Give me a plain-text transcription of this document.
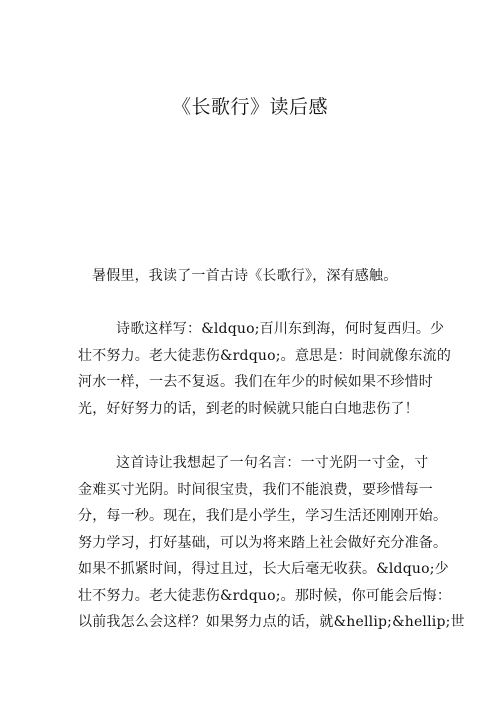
《长歌行》读后感
暑假里，我读了一首古诗《长歌行》，深有感触。
诗歌这样写：&ldquo;百川东到海，何时复西归。少
壮不努力。老大徒悲伤&rdquo;。意思是：时间就像东流的
河水一样，一去不复返。我们在年少的时候如果不珍惜时
光，好好努力的话，到老的时候就只能白白地悲伤了！
这首诗让我想起了一句名言：一寸光阴一寸金，寸
金难买寸光阴。时间很宝贵，我们不能浪费，要珍惜每一
分，每一秒。现在，我们是小学生，学习生活还刚刚开始。
努力学习，打好基础，可以为将来踏上社会做好充分准备。
如果不抓紧时间，得过且过，长大后毫无收获。&ldquo;少
壮不努力。老大徒悲伤&rdquo;。那时候，你可能会后悔：
以前我怎么会这样？如果努力点的话，就&hellip;&hellip;世
